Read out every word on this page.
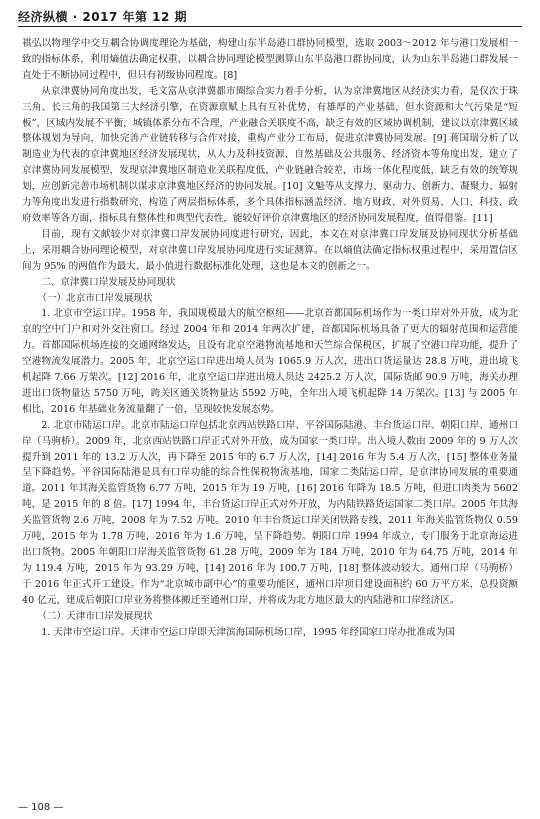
经济纵横 · 2017 年第 12 期

祺弘以物理学中交互耦合协调度理论为基础，构建山东半岛港口群协同模型，选取 2003～2012 年与港口发展相一致的指标体系，利用熵值法确定权重，以耦合协同理论模型测算山东半岛港口群协同度，认为山东半岛港口群发展一直处于不断协同过程中，但只有初级协同程度。[8]

从京津冀协同角度出发，毛文富从京津冀都市圈综合实力着手分析，认为京津冀地区从经济实力看，是仅次于珠三角、长三角的我国第三大经济引擎，在资源禀赋上具有互补优势，有雄厚的产业基础，但水资源和大气污染是“短板”，区域内发展不平衡，城镇体系分布不合理，产业融合关联度不高，缺乏有效的区域协调机制，建议以京津冀区域整体规划为导向，加快完善产业链转移与合作对接，重构产业分工布局，促进京津冀协同发展。[9] 蒋国瑞分析了以制造业为代表的京津冀地区经济发展现状，从人力及科技资源、自然基础及公共服务、经济资本等角度出发，建立了京津冀协同发展模型，发现京津冀地区制造业关联程度低，产业链融合较差，市场一体化程度低，缺乏有效的统筹规划，应创新完善市场机制以谋求京津冀地区经济的协同发展。[10] 文魁等从支撑力、驱动力、创新力、凝聚力、辐射力等角度出发进行指数研究，构造了两层指标体系，多个具体指标涵盖经济、地方财政、对外贸易、人口、科技、政府效率等各方面，指标具有整体性和典型代表性，能较好评价京津冀地区的经济协同发展程度，值得借鉴。[11]

目前，现有文献较少对京津冀口岸发展协同度进行研究，因此，本文在对京津冀口岸发展及协同现状分析基础上，采用耦合协同理论模型，对京津冀口岸发展协同度进行实证测算。在以熵值法确定指标权重过程中，采用置信区间为 95% 的两值作为最大、最小值进行数据标准化处理，这也是本文的创新之一。

二、京津冀口岸发展及协同现状

（一）北京市口岸发展现状

1. 北京市空运口岸。1958 年，我国规模最大的航空枢纽——北京首都国际机场作为一类口岸对外开放，成为北京的空中门户和对外交往窗口。经过 2004 年和 2014 年两次扩建，首都国际机场具备了更大的辐射范围和运营能力。首都国际机场连接的交通网络发达，且设有北京空港物流基地和天竺综合保税区，扩展了空港口岸功能，提升了空港物流发展潜力。2005 年，北京空运口岸进出境人员为 1065.9 万人次，进出口货运量达 28.8 万吨，进出境飞机起降 7.66 万架次。[12] 2016 年，北京空运口岸进出境人员达 2425.2 万人次，国际货邮 90.9 万吨，海关办理进出口货物量达 5750 万吨，跨关区通关货物量达 5592 万吨，全年出入境飞机起降 14 万架次。[13] 与 2005 年相比，2016 年基础业务流量翻了一倍，呈现较快发展态势。

2. 北京市陆运口岸。北京市陆运口岸包括北京西站铁路口岸、平谷国际陆港、丰台货运口岸、朝阳口岸、通州口岸（马驹桥）。2009 年，北京西站铁路口岸正式对外开放，成为国家一类口岸。出入境人数由 2009 年的 9 万人次提升到 2011 年的 13.2 万人次，再下降至 2015 年的 6.7 万人次，[14] 2016 年为 5.4 万人次，[15] 整体业务量呈下降趋势。平谷国际陆港是具有口岸功能的综合性保税物流基地，国家二类陆运口岸，是京津协同发展的重要通道。2011 年其海关监管货物 6.77 万吨，2015 年为 19 万吨，[16] 2016 年降为 18.5 万吨，但进口肉类为 5602 吨，是 2015 年的 8 倍。[17] 1994 年，丰台货运口岸正式对外开放，为内陆铁路货运国家二类口岸。2005 年其海关监管货物 2.6 万吨，2008 年为 7.52 万吨。2010 年丰台货运口岸关闭铁路专线，2011 年海关监管货物仅 0.59 万吨，2015 年为 1.78 万吨，2016 年为 1.6 万吨，呈下降趋势。朝阳口岸 1994 年成立，专门服务于北京海运进出口货物。2005 年朝阳口岸海关监管货物 61.28 万吨，2009 年为 184 万吨，2010 年为 64.75 万吨，2014 年为 119.4 万吨，2015 年为 93.29 万吨，[14] 2016 年为 100.7 万吨，[18] 整体波动较大。通州口岸（马驹桥）于 2016 年正式开工建设。作为“北京城市副中心”的重要功能区，通州口岸项目建设面积约 60 万平方米，总投资额 40 亿元，建成后朝阳口岸业务将整体搬迁至通州口岸，并将成为北方地区最大的内陆港和口岸经济区。

（二）天津市口岸发展现状

1. 天津市空运口岸。天津市空运口岸即天津滨海国际机场口岸，1995 年经国家口岸办批准成为国

— 108 —
